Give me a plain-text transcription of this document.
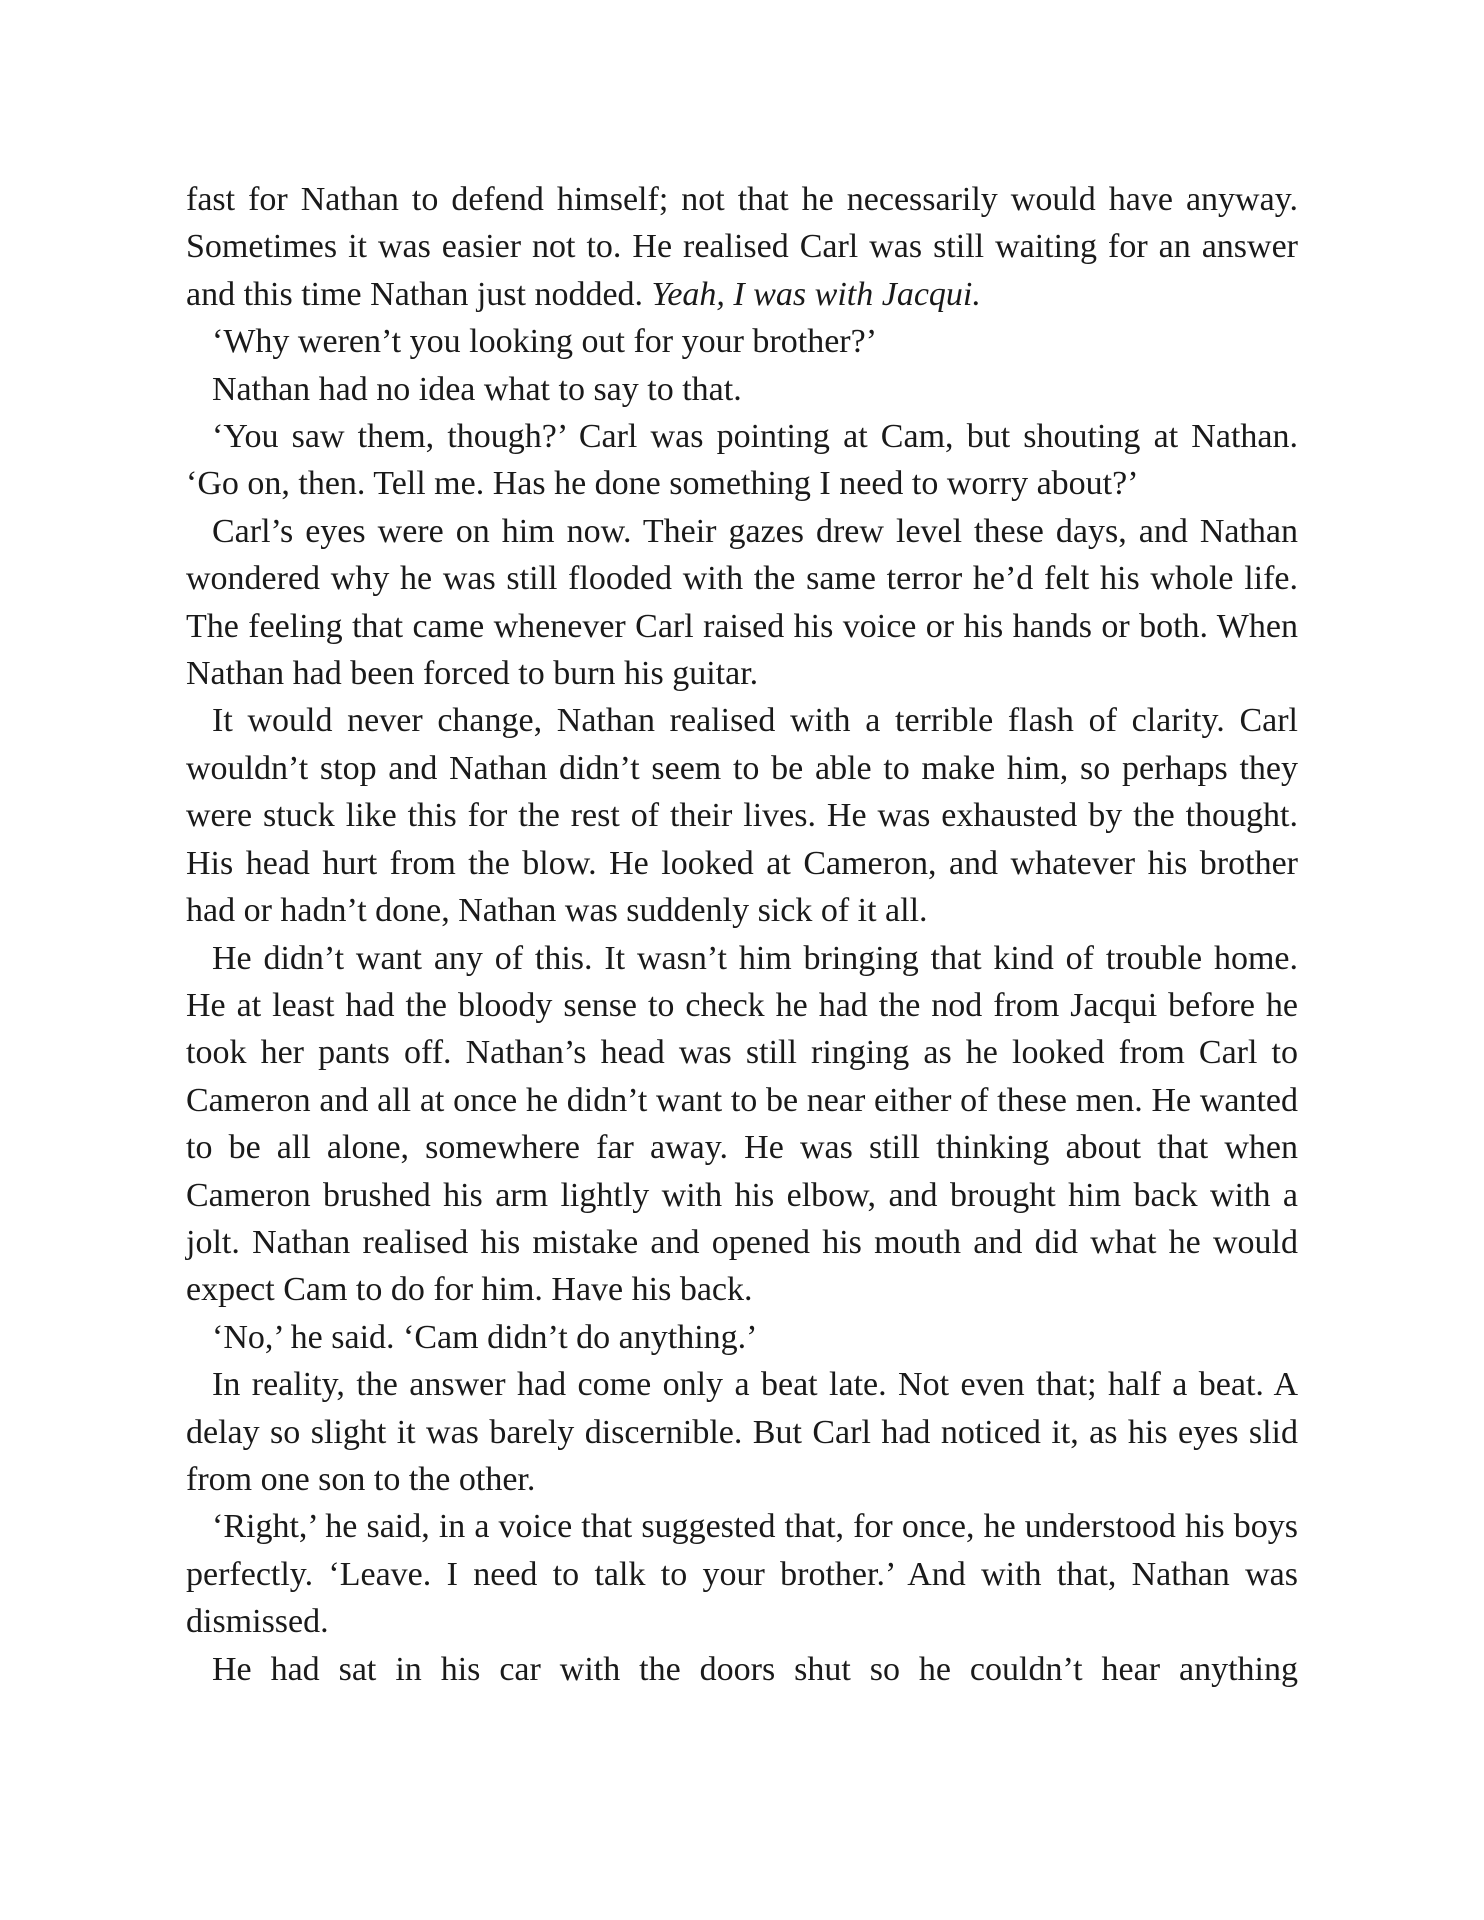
fast for Nathan to defend himself; not that he necessarily would have anyway. Sometimes it was easier not to. He realised Carl was still waiting for an answer and this time Nathan just nodded. Yeah, I was with Jacqui.

‘Why weren’t you looking out for your brother?’

Nathan had no idea what to say to that.

‘You saw them, though?’ Carl was pointing at Cam, but shouting at Nathan. ‘Go on, then. Tell me. Has he done something I need to worry about?’

Carl’s eyes were on him now. Their gazes drew level these days, and Nathan wondered why he was still flooded with the same terror he’d felt his whole life. The feeling that came whenever Carl raised his voice or his hands or both. When Nathan had been forced to burn his guitar.

It would never change, Nathan realised with a terrible flash of clarity. Carl wouldn’t stop and Nathan didn’t seem to be able to make him, so perhaps they were stuck like this for the rest of their lives. He was exhausted by the thought. His head hurt from the blow. He looked at Cameron, and whatever his brother had or hadn’t done, Nathan was suddenly sick of it all.

He didn’t want any of this. It wasn’t him bringing that kind of trouble home. He at least had the bloody sense to check he had the nod from Jacqui before he took her pants off. Nathan’s head was still ringing as he looked from Carl to Cameron and all at once he didn’t want to be near either of these men. He wanted to be all alone, somewhere far away. He was still thinking about that when Cameron brushed his arm lightly with his elbow, and brought him back with a jolt. Nathan realised his mistake and opened his mouth and did what he would expect Cam to do for him. Have his back.

‘No,’ he said. ‘Cam didn’t do anything.’

In reality, the answer had come only a beat late. Not even that; half a beat. A delay so slight it was barely discernible. But Carl had noticed it, as his eyes slid from one son to the other.

‘Right,’ he said, in a voice that suggested that, for once, he understood his boys perfectly. ‘Leave. I need to talk to your brother.’ And with that, Nathan was dismissed.

He had sat in his car with the doors shut so he couldn’t hear anything
